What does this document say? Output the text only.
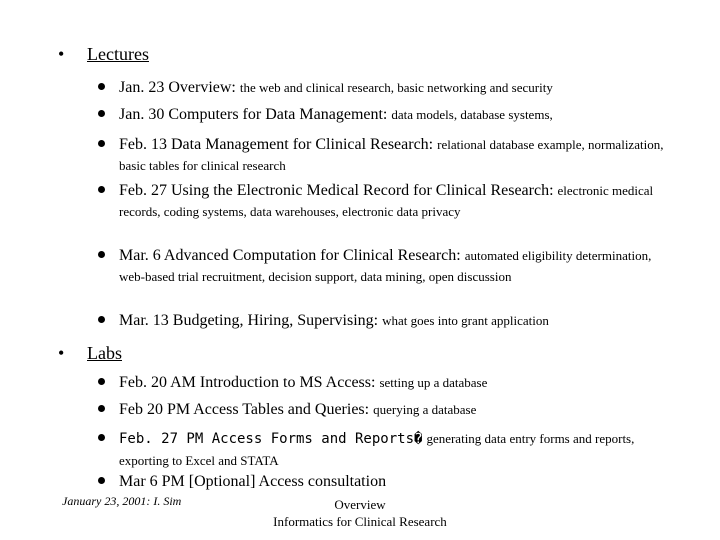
• Lectures
Jan. 23 Overview: the web and clinical research, basic networking and security
Jan. 30 Computers for Data Management: data models, database systems,
Feb. 13 Data Management for Clinical Research: relational database example, normalization, basic tables for clinical research
Feb. 27 Using the Electronic Medical Record for Clinical Research: electronic medical records, coding systems, data warehouses, electronic data privacy
Mar. 6 Advanced Computation for Clinical Research: automated eligibility determination, web-based trial recruitment, decision support, data mining, open discussion
Mar. 13 Budgeting, Hiring, Supervising: what goes into grant application
• Labs
Feb. 20 AM Introduction to MS Access: setting up a database
Feb 20 PM Access Tables and Queries: querying a database
Feb. 27 PM Access Forms and Reports� generating data entry forms and reports, exporting to Excel and STATA
Mar 6 PM [Optional] Access consultation
January 23, 2001: I. Sim	Overview
Informatics for Clinical Research
